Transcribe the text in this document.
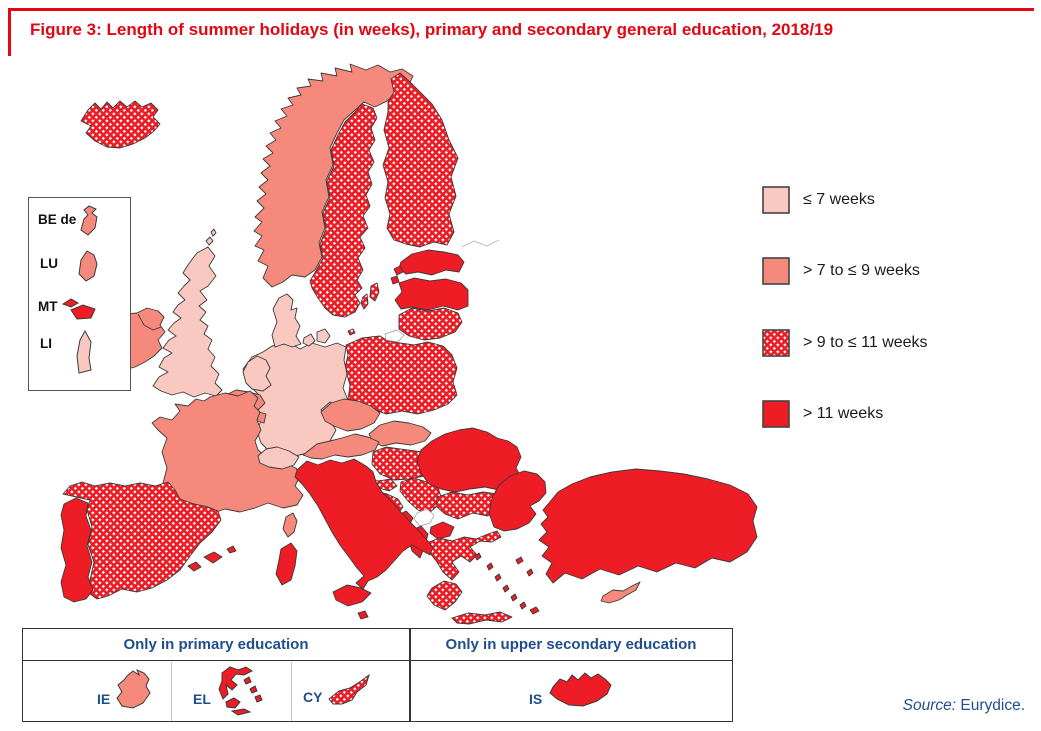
Figure 3: Length of summer holidays (in weeks), primary and secondary general education, 2018/19
≤ 7 weeks
> 7 to ≤ 9 weeks
> 9 to ≤ 11 weeks
> 11 weeks
BE de
LU
MT
LI
Only in primary education	Only in upper secondary education
IE	EL	CY	IS	Source: Eurydice.
